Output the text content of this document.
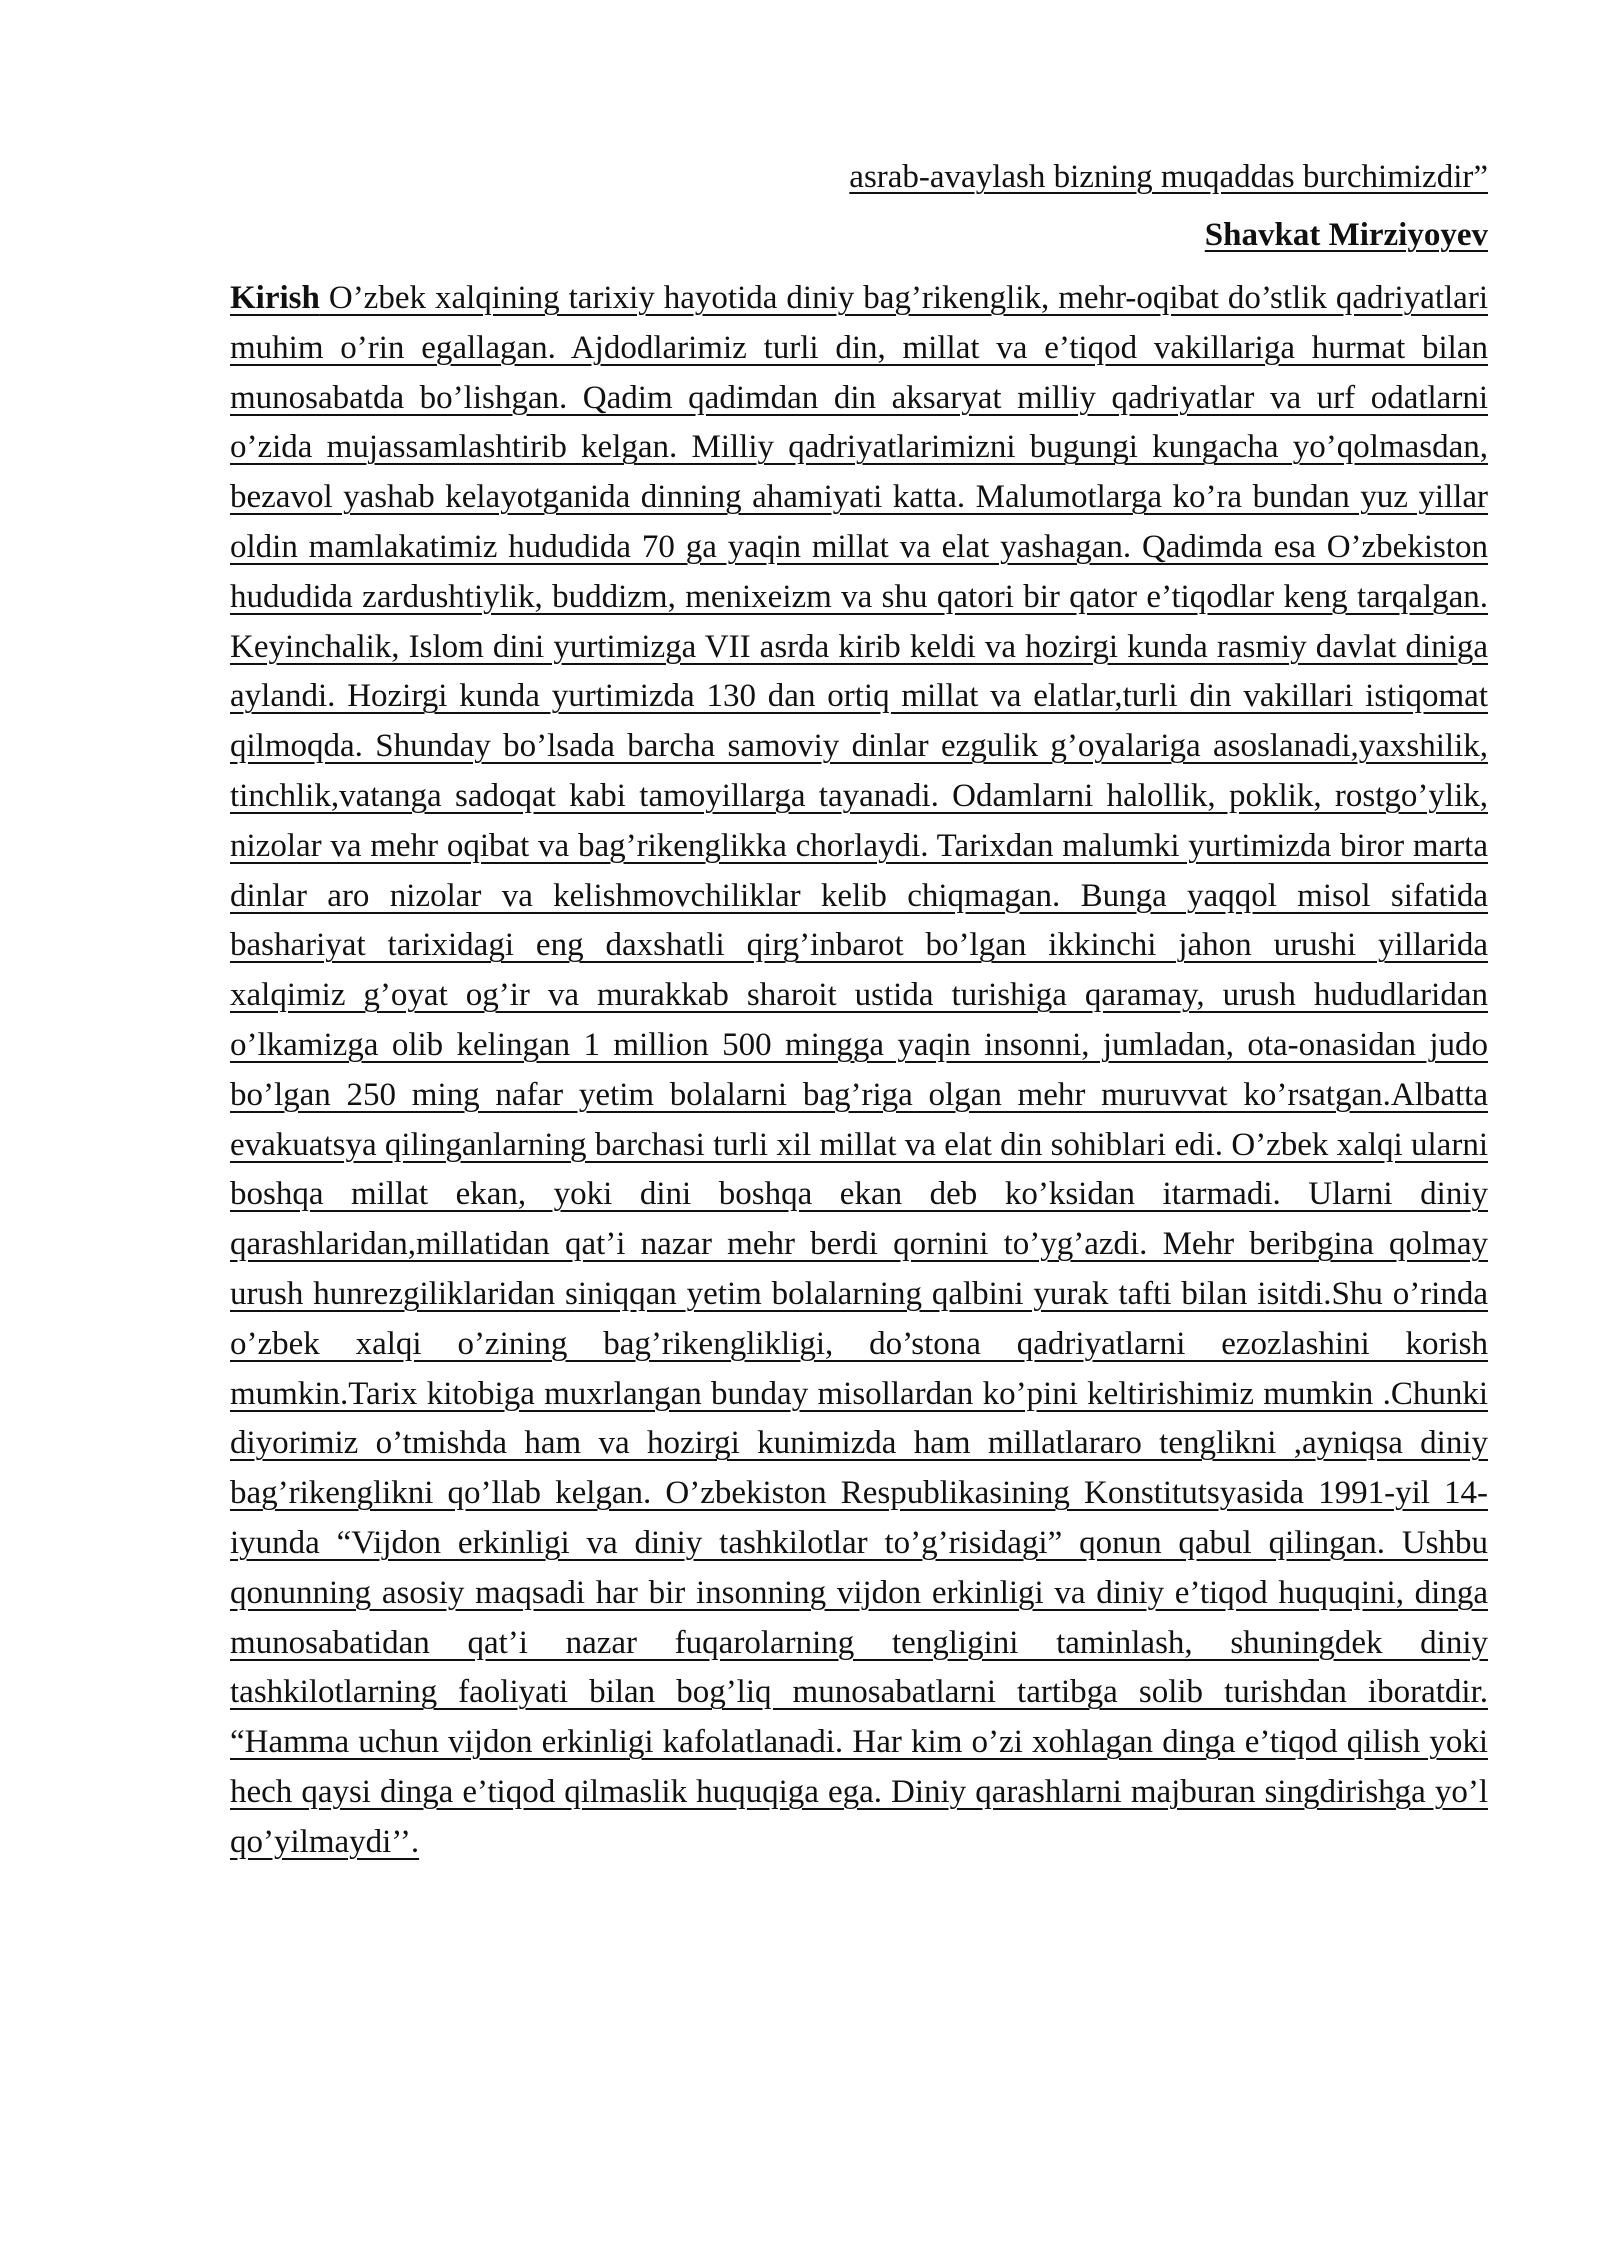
asrab-avaylash bizning muqaddas burchimizdir”
Shavkat Mirziyoyev
Kirish O’zbek xalqining tarixiy hayotida diniy bag’rikenglik, mehr-oqibat do’stlik qadriyatlari muhim o’rin egallagan. Ajdodlarimiz turli din, millat va e’tiqod vakillariga hurmat bilan munosabatda bo’lishgan. Qadim qadimdan din aksaryat milliy qadriyatlar va urf odatlarni o’zida mujassamlashtirib kelgan. Milliy qadriyatlarimizni bugungi kungacha yo’qolmasdan, bezavol yashab kelayotganida dinning ahamiyati katta. Malumotlarga ko’ra bundan yuz yillar oldin mamlakatimiz hududida 70 ga yaqin millat va elat yashagan. Qadimda esa O’zbekiston hududida zardushtiylik, buddizm, menixeizm va shu qatori bir qator e’tiqodlar keng tarqalgan. Keyinchalik, Islom dini yurtimizga VII asrda kirib keldi va hozirgi kunda rasmiy davlat diniga aylandi. Hozirgi kunda yurtimizda 130 dan ortiq millat va elatlar,turli din vakillari istiqomat qilmoqda. Shunday bo’lsada barcha samoviy dinlar ezgulik g’oyalariga asoslanadi,yaxshilik, tinchlik,vatanga sadoqat kabi tamoyillarga tayanadi. Odamlarni halollik, poklik, rostgo’ylik, nizolar va mehr oqibat va bag’rikenglikka chorlaydi. Tarixdan malumki yurtimizda biror marta dinlar aro nizolar va kelishmovchiliklar kelib chiqmagan. Bunga yaqqol misol sifatida bashariyat tarixidagi eng daxshatli qirg’inbarot bo’lgan ikkinchi jahon urushi yillarida xalqimiz g’oyat og’ir va murakkab sharoit ustida turishiga qaramay, urush hududlaridan o’lkamizga olib kelingan 1 million 500 mingga yaqin insonni, jumladan, ota-onasidan judo bo’lgan 250 ming nafar yetim bolalarni bag’riga olgan mehr muruvvat ko’rsatgan.Albatta evakuatsya qilinganlarning barchasi turli xil millat va elat din sohiblari edi. O’zbek xalqi ularni boshqa millat ekan, yoki dini boshqa ekan deb ko’ksidan itarmadi. Ularni diniy qarashlaridan,millatidan qat’i nazar mehr berdi qornini to’yg’azdi. Mehr beribgina qolmay urush hunrezgiliklaridan siniqqan yetim bolalarning qalbini yurak tafti bilan isitdi.Shu o’rinda o’zbek xalqi o’zining bag’rikenglikligi, do’stona qadriyatlarni ezozlashini korish mumkin.Tarix kitobiga muxrlangan bunday misollardan ko’pini keltirishimiz mumkin .Chunki diyorimiz o’tmishda ham va hozirgi kunimizda ham millatlararo tenglikni ,ayniqsa diniy bag’rikenglikni qo’llab kelgan. O’zbekiston Respublikasining Konstitutsyasida 1991-yil 14-iyunda “Vijdon erkinligi va diniy tashkilotlar to’g’risidagi” qonun qabul qilingan. Ushbu qonunning asosiy maqsadi har bir insonning vijdon erkinligi va diniy e’tiqod huquqini, dinga munosabatidan qat’i nazar fuqarolarning tengligini taminlash, shuningdek diniy tashkilotlarning faoliyati bilan bog’liq munosabatlarni tartibga solib turishdan iboratdir. “Hamma uchun vijdon erkinligi kafolatlanadi. Har kim o’zi xohlagan dinga e’tiqod qilish yoki hech qaysi dinga e’tiqod qilmaslik huquqiga ega. Diniy qarashlarni majburan singdirishga yo’l qo’yilmaydi’’.
